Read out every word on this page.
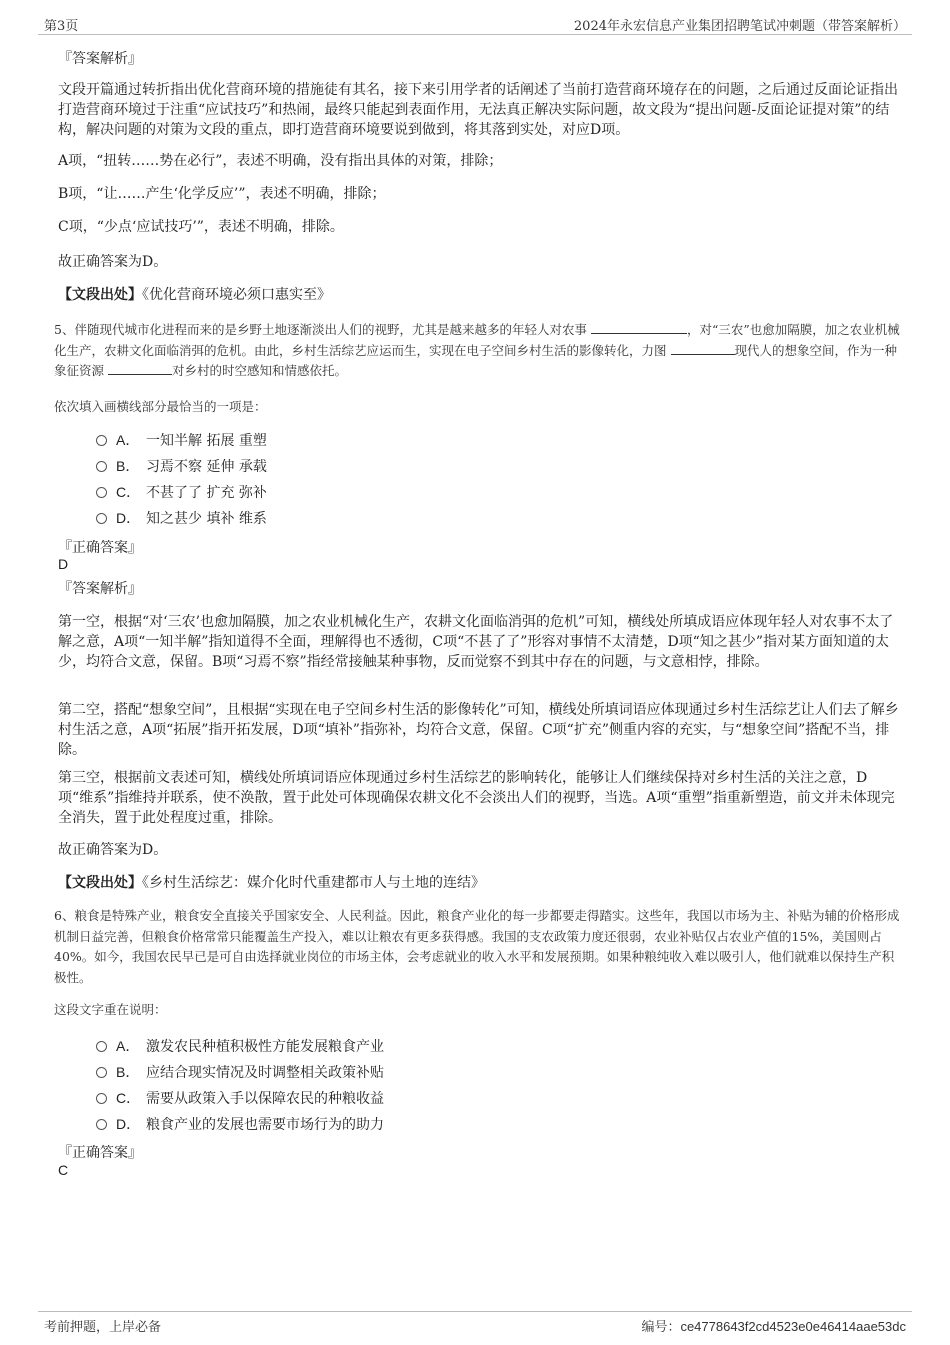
第3页	2024年永宏信息产业集团招聘笔试冲刺题（带答案解析）
『答案解析』
文段开篇通过转折指出优化营商环境的措施徒有其名，接下来引用学者的话阐述了当前打造营商环境存在的问题，之后通过反面论证指出打造营商环境过于注重“应试技巧”和热闹，最终只能起到表面作用，无法真正解决实际问题，故文段为“提出问题-反面论证提对策”的结构，解决问题的对策为文段的重点，即打造营商环境要说到做到，将其落到实处，对应D项。
A项，“扭转……势在必行”，表述不明确，没有指出具体的对策，排除；
B项，“让……产生‘化学反应’”，表述不明确，排除；
C项，“少点‘应试技巧’”，表述不明确，排除。
故正确答案为D。
【文段出处】《优化营商环境必须口惠实至》
5、伴随现代城市化进程而来的是乡野土地逐渐淡出人们的视野，尤其是越来越多的年轻人对农事	，对“三农”也愈加隔膜，加之农业机械化生产，农耕文化面临消弭的危机。由此，乡村生活综艺应运而生，实现在电子空间乡村生活的影像转化，力图	现代人的想象空间，作为一种象征资源	对乡村的时空感知和情感依托。
依次填入画横线部分最恰当的一项是：
A． 一知半解 拓展 重塑
B． 习焉不察 延伸 承载
C． 不甚了了 扩充 弥补
D． 知之甚少 填补 维系
『正确答案』
D
『答案解析』
第一空，根据“对‘三农’也愈加隔膜，加之农业机械化生产，农耕文化面临消弭的危机”可知，横线处所填成语应体现年轻人对农事不太了解之意，A项“一知半解”指知道得不全面，理解得也不透彻，C项“不甚了了”形容对事情不太清楚，D项“知之甚少”指对某方面知道的太少，均符合文意，保留。B项“习焉不察”指经常接触某种事物，反而觉察不到其中存在的问题，与文意相悖，排除。
第二空，搭配“想象空间”，且根据“实现在电子空间乡村生活的影像转化”可知，横线处所填词语应体现通过乡村生活综艺让人们去了解乡村生活之意，A项“拓展”指开拓发展，D项“填补”指弥补，均符合文意，保留。C项“扩充”侧重内容的充实，与“想象空间”搭配不当，排除。
第三空，根据前文表述可知，横线处所填词语应体现通过乡村生活综艺的影响转化，能够让人们继续保持对乡村生活的关注之意，D项“维系”指维持并联系，使不涣散，置于此处可体现确保农耕文化不会淡出人们的视野，当选。A项“重塑”指重新塑造，前文并未体现完全消失，置于此处程度过重，排除。
故正确答案为D。
【文段出处】《乡村生活综艺：媒介化时代重建都市人与土地的连结》
6、粮食是特殊产业，粮食安全直接关乎国家安全、人民利益。因此，粮食产业化的每一步都要走得踏实。这些年，我国以市场为主、补贴为辅的价格形成机制日益完善，但粮食价格常常只能覆盖生产投入，难以让粮农有更多获得感。我国的支农政策力度还很弱，农业补贴仅占农业产值的15%，美国则占40%。如今，我国农民早已是可自由选择就业岗位的市场主体，会考虑就业的收入水平和发展预期。如果种粮纯收入难以吸引人，他们就难以保持生产积极性。
这段文字重在说明：
A． 激发农民种植积极性方能发展粮食产业
B． 应结合现实情况及时调整相关政策补贴
C． 需要从政策入手以保障农民的种粮收益
D． 粮食产业的发展也需要市场行为的助力
『正确答案』
C
考前押题，上岸必备	编号：ce4778643f2cd4523e0e46414aae53dc
